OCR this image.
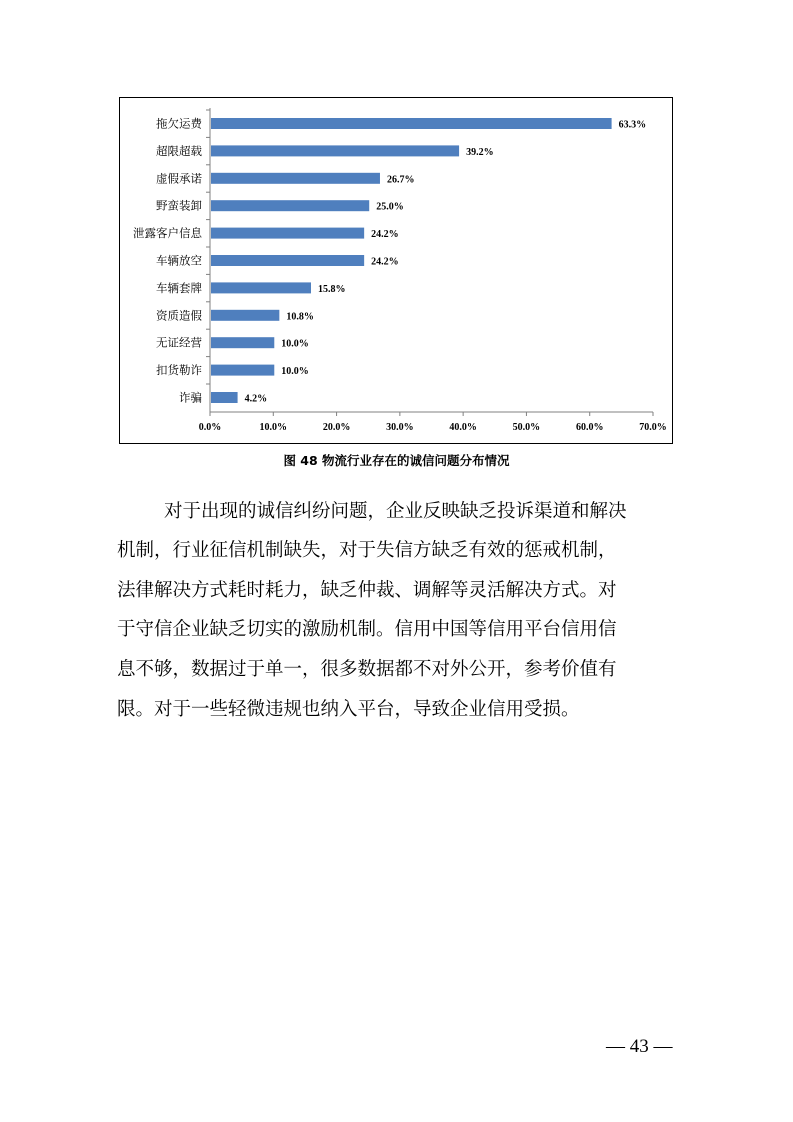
拖欠运费	63.3%
超限超载	39.2%
虚假承诺	26.7%
野蛮装卸	25.0%
泄露客户信息	24.2%
车辆放空	24.2%
车辆套牌	15.8%
资质造假	10.8%
无证经营	10.0%
扣货勒诈	10.0%
诈骗	4.2%
0.0%	10.0%	20.0%	30.0%	40.0%	50.0%	60.0%	70.0%

图 48 物流行业存在的诚信问题分布情况

对于出现的诚信纠纷问题，企业反映缺乏投诉渠道和解决

机制，行业征信机制缺失，对于失信方缺乏有效的惩戒机制，

法律解决方式耗时耗力，缺乏仲裁、调解等灵活解决方式。对

于守信企业缺乏切实的激励机制。信用中国等信用平台信用信

息不够，数据过于单一，很多数据都不对外公开，参考价值有

限。对于一些轻微违规也纳入平台，导致企业信用受损。

— 43 —
